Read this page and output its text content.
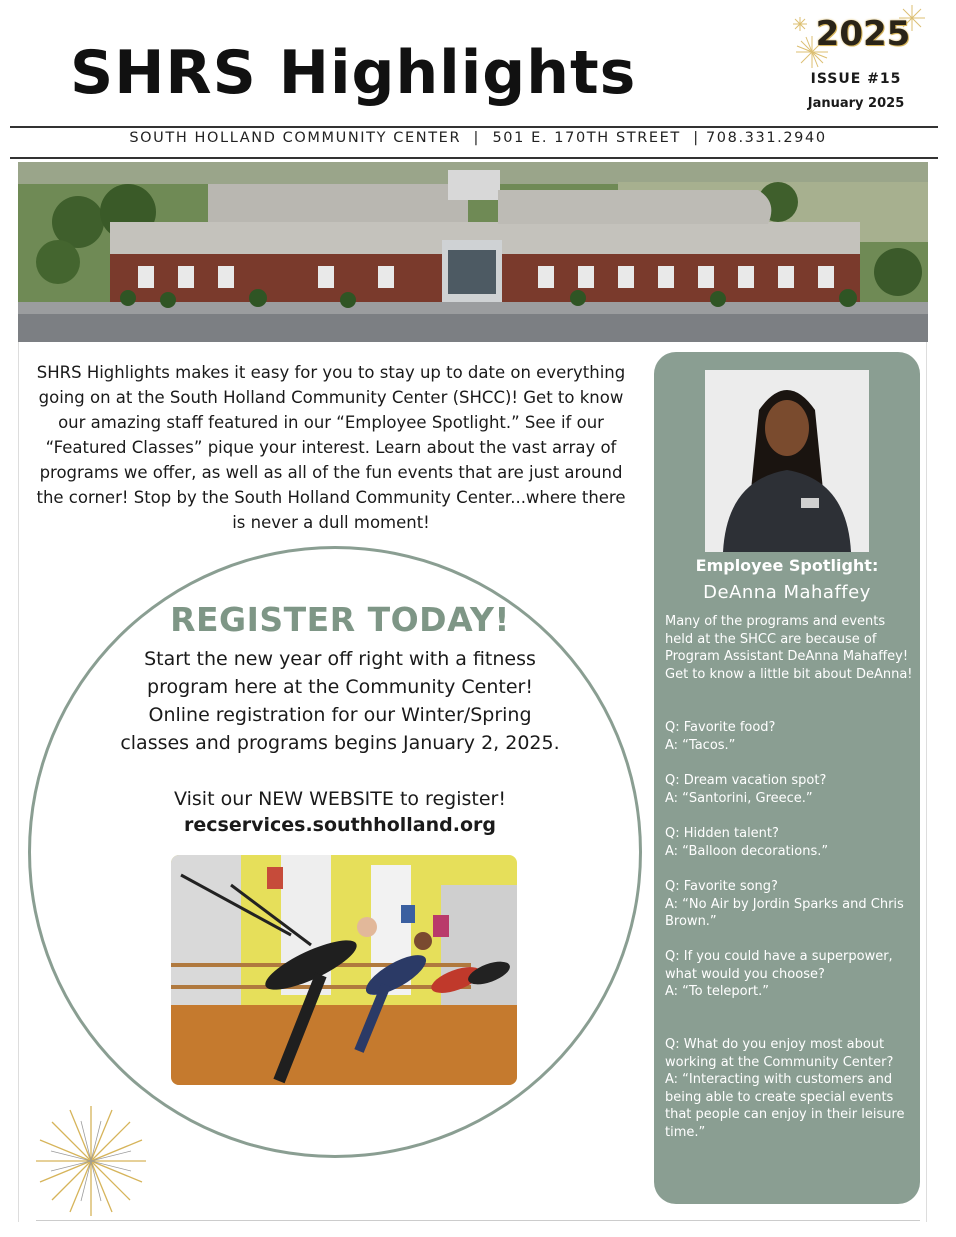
SHRS Highlights
2025
ISSUE #15
January 2025
SOUTH HOLLAND COMMUNITY CENTER  |  501 E. 170TH STREET  | 708.331.2940

SHRS Highlights makes it easy for you to stay up to date on everything going on at the South Holland Community Center (SHCC)! Get to know our amazing staff featured in our “Employee Spotlight.” See if our “Featured Classes” pique your interest. Learn about the vast array of programs we offer, as well as all of the fun events that are just around the corner! Stop by the South Holland Community Center...where there is never a dull moment!

REGISTER TODAY!

Start the new year off right with a fitness program here at the Community Center! Online registration for our Winter/Spring classes and programs begins January 2, 2025.

Visit our NEW WEBSITE to register!
recservices.southholland.org
Employee Spotlight:
DeAnna Mahaffey

Many of the programs and events held at the SHCC are because of Program Assistant DeAnna Mahaffey! Get to know a little bit about DeAnna!

Q: Favorite food?

A: “Tacos.”

Q: Dream vacation spot?

A: “Santorini, Greece.”

Q: Hidden talent?

A: “Balloon decorations.”

Q: Favorite song?

A: “No Air by Jordin Sparks and Chris Brown.”

Q: If you could have a superpower, what would you choose?

A: “To teleport.”

Q: What do you enjoy most about working at the Community Center?

A: “Interacting with customers and being able to create special events that people can enjoy in their leisure time.”
